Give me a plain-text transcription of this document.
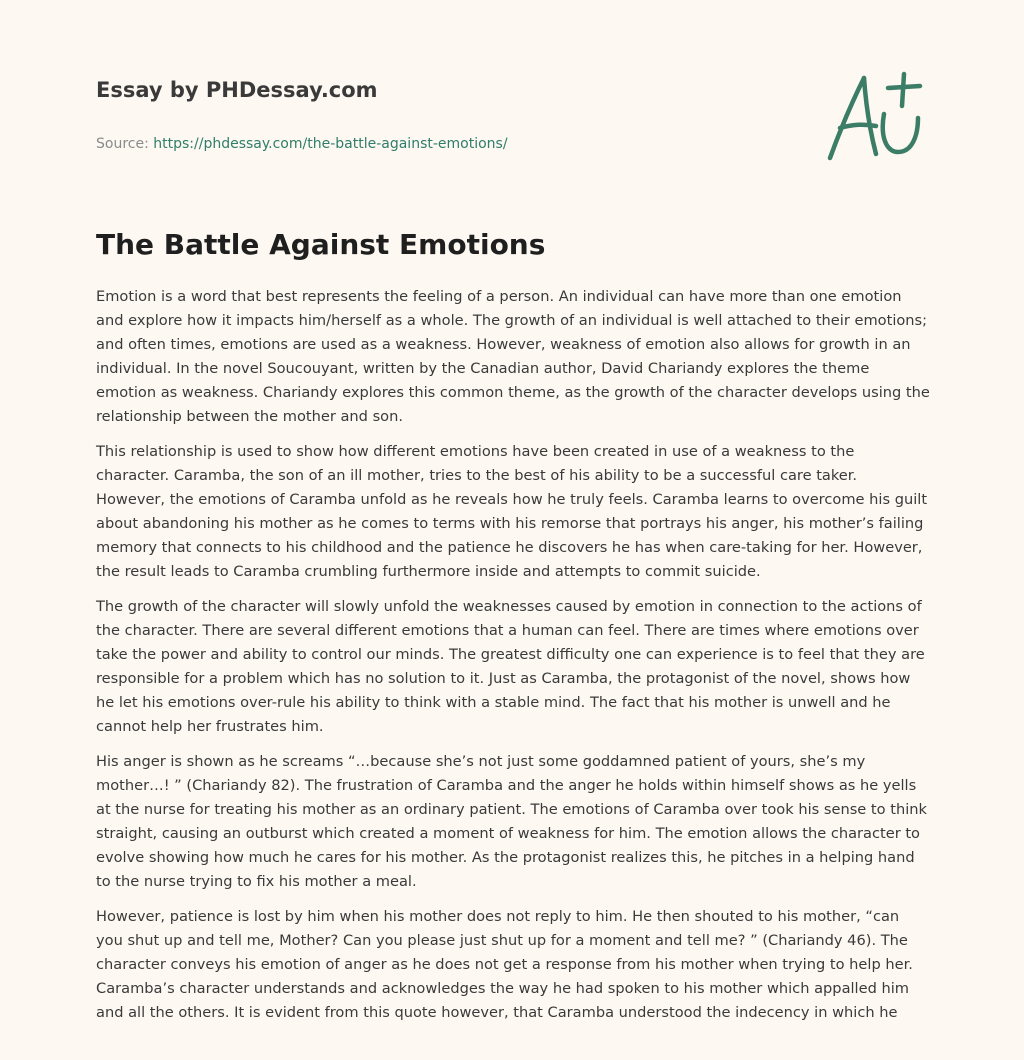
Essay by PHDessay.com
Source: https://phdessay.com/the-battle-against-emotions/
The Battle Against Emotions

Emotion is a word that best represents the feeling of a person. An individual can have more than one emotion and explore how it impacts him/herself as a whole. The growth of an individual is well attached to their emotions; and often times, emotions are used as a weakness. However, weakness of emotion also allows for growth in an individual. In the novel Soucouyant, written by the Canadian author, David Chariandy explores the theme emotion as weakness. Chariandy explores this common theme, as the growth of the character develops using the relationship between the mother and son.

This relationship is used to show how different emotions have been created in use of a weakness to the character. Caramba, the son of an ill mother, tries to the best of his ability to be a successful care taker. However, the emotions of Caramba unfold as he reveals how he truly feels. Caramba learns to overcome his guilt about abandoning his mother as he comes to terms with his remorse that portrays his anger, his mother’s failing memory that connects to his childhood and the patience he discovers he has when care-taking for her. However, the result leads to Caramba crumbling furthermore inside and attempts to commit suicide.

The growth of the character will slowly unfold the weaknesses caused by emotion in connection to the actions of the character. There are several different emotions that a human can feel. There are times where emotions over take the power and ability to control our minds. The greatest difficulty one can experience is to feel that they are responsible for a problem which has no solution to it. Just as Caramba, the protagonist of the novel, shows how he let his emotions over-rule his ability to think with a stable mind. The fact that his mother is unwell and he cannot help her frustrates him.

His anger is shown as he screams “…because she’s not just some goddamned patient of yours, she’s my mother…! ” (Chariandy 82). The frustration of Caramba and the anger he holds within himself shows as he yells at the nurse for treating his mother as an ordinary patient. The emotions of Caramba over took his sense to think straight, causing an outburst which created a moment of weakness for him. The emotion allows the character to evolve showing how much he cares for his mother. As the protagonist realizes this, he pitches in a helping hand to the nurse trying to fix his mother a meal.

However, patience is lost by him when his mother does not reply to him. He then shouted to his mother, “can you shut up and tell me, Mother? Can you please just shut up for a moment and tell me? ” (Chariandy 46). The character conveys his emotion of anger as he does not get a response from his mother when trying to help her. Caramba’s character understands and acknowledges the way he had spoken to his mother which appalled him and all the others. It is evident from this quote however, that Caramba understood the indecency in which he
